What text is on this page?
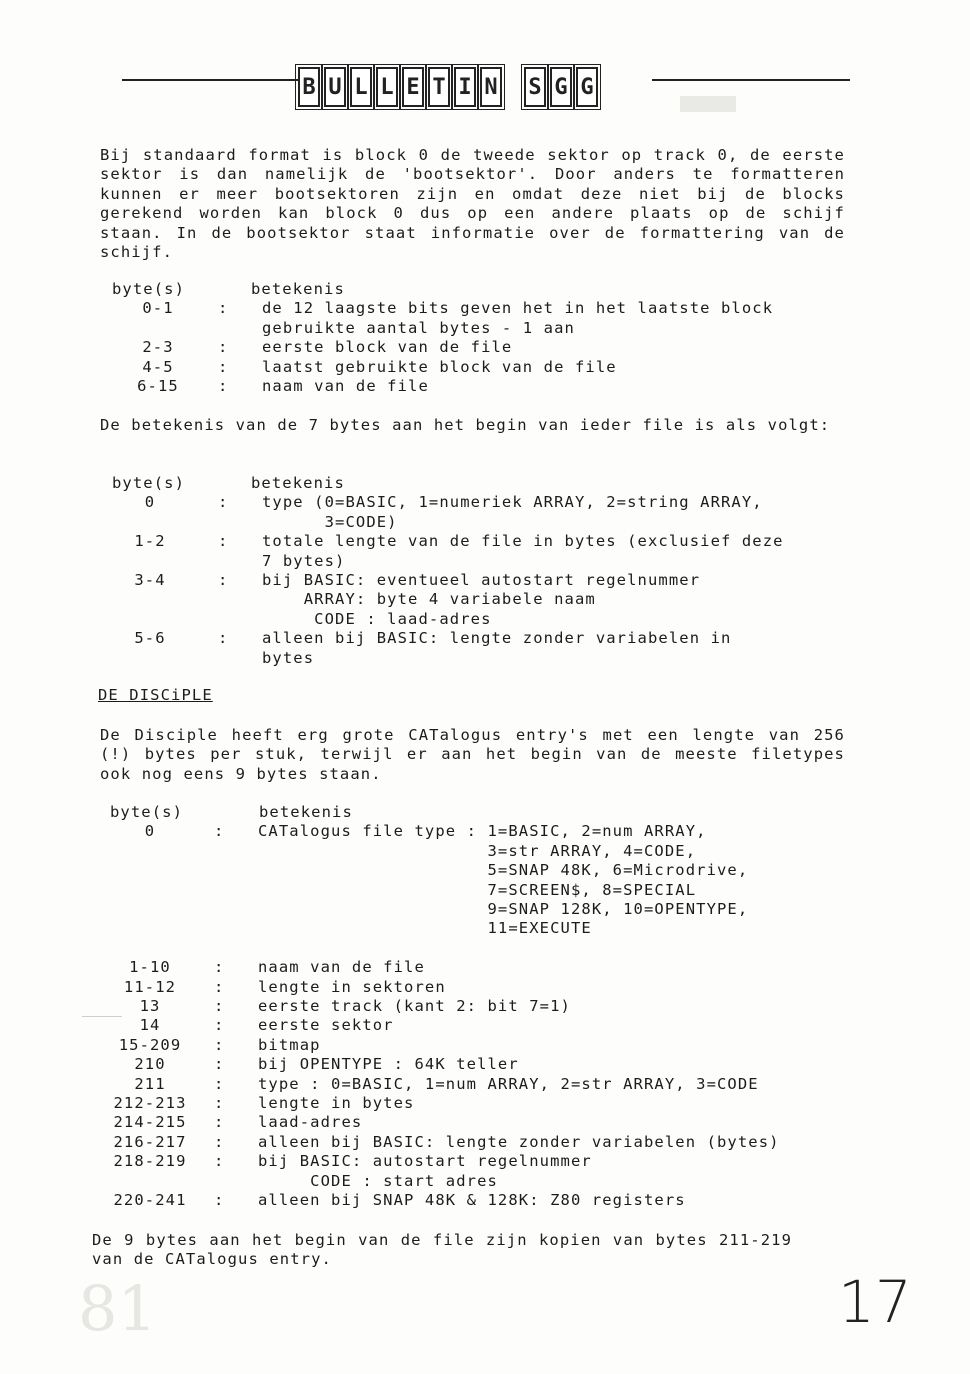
B U L L E T I N S G G

Bij standaard format is block 0 de tweede sektor op track 0, de eerste sektor is dan namelijk de 'bootsektor'. Door anders te formatteren kunnen er meer bootsektoren zijn en omdat deze niet bij de blocks gerekend worden kan block 0 dus op een andere plaats op de schijf staan. In de bootsektor staat informatie over de formattering van de schijf.

byte(s)	betekenis
0-1	: de 12 laagste bits geven het in het laatste block
gebruikte aantal bytes - 1 aan
2-3	: eerste block van de file
4-5	: laatst gebruikte block van de file
6-15	: naam van de file

De betekenis van de 7 bytes aan het begin van ieder file is als volgt:

byte(s)	betekenis
0	: type (0=BASIC, 1=numeriek ARRAY, 2=string ARRAY,
3=CODE)
1-2	: totale lengte van de file in bytes (exclusief deze
7 bytes)
3-4	: bij BASIC: eventueel autostart regelnummer
ARRAY: byte 4 variabele naam
CODE : laad-adres
5-6	: alleen bij BASIC: lengte zonder variabelen in
bytes
DE DISCiPLE

De Disciple heeft erg grote CATalogus entry's met een lengte van 256 (!) bytes per stuk, terwijl er aan het begin van de meeste filetypes ook nog eens 9 bytes staan.

byte(s)	betekenis
0	: CATalogus file type : 1=BASIC, 2=num ARRAY,
3=str ARRAY, 4=CODE,
5=SNAP 48K, 6=Microdrive,
7=SCREEN$, 8=SPECIAL
9=SNAP 128K, 10=OPENTYPE,
11=EXECUTE
1-10	: naam van de file
11-12	: lengte in sektoren
13	: eerste track (kant 2: bit 7=1)
14	: eerste sektor
15-209	: bitmap
210	: bij OPENTYPE : 64K teller
211	: type : 0=BASIC, 1=num ARRAY, 2=str ARRAY, 3=CODE
212-213	: lengte in bytes
214-215	: laad-adres
216-217	: alleen bij BASIC: lengte zonder variabelen (bytes)
218-219	: bij BASIC: autostart regelnummer
CODE : start adres
220-241	: alleen bij SNAP 48K & 128K: Z80 registers

De 9 bytes aan het begin van de file zijn kopien van bytes 211-219 van de CATalogus entry.

81	17
